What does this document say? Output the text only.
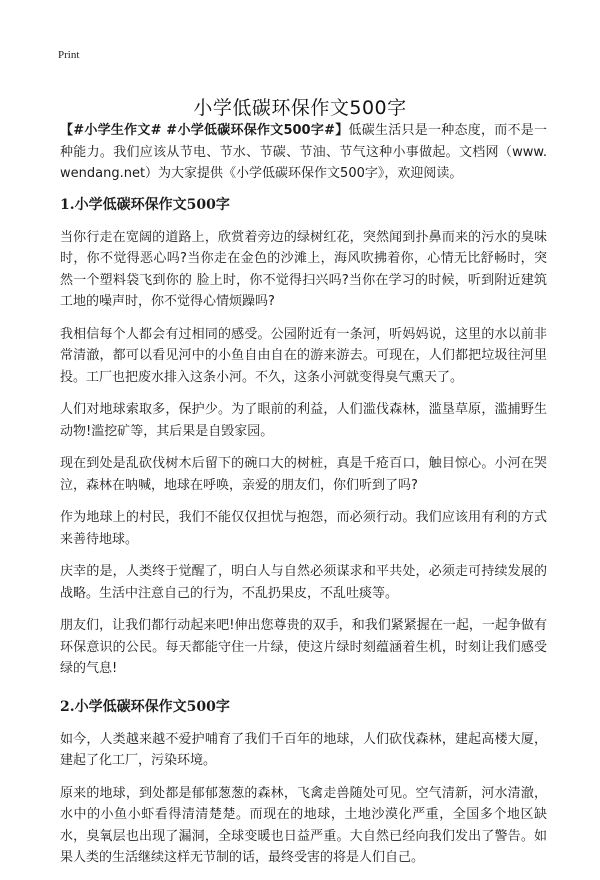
Print
小学低碳环保作文500字

【#小学生作文# #小学低碳环保作文500字#】低碳生活只是一种态度，而不是一种能力。我们应该从节电、节水、节碳、节油、节气这种小事做起。文档网（www.wendang.net）为大家提供《小学低碳环保作文500字》，欢迎阅读。

1.小学低碳环保作文500字

当你行走在宽阔的道路上，欣赏着旁边的绿树红花，突然闻到扑鼻而来的污水的臭味时，你不觉得恶心吗?当你走在金色的沙滩上，海风吹拂着你，心情无比舒畅时，突然一个塑料袋飞到你的 脸上时，你不觉得扫兴吗?当你在学习的时候，听到附近建筑工地的噪声时，你不觉得心情烦躁吗?

我相信每个人都会有过相同的感受。公园附近有一条河，听妈妈说，这里的水以前非常清澈，都可以看见河中的小鱼自由自在的游来游去。可现在，人们都把垃圾往河里投。工厂也把废水排入这条小河。不久，这条小河就变得臭气熏天了。

人们对地球索取多，保护少。为了眼前的利益，人们滥伐森林，滥垦草原，滥捕野生动物!滥挖矿等，其后果是自毁家园。

现在到处是乱砍伐树木后留下的碗口大的树桩，真是千疮百口，触目惊心。小河在哭泣，森林在呐喊，地球在呼唤，亲爱的朋友们，你们听到了吗?

作为地球上的村民，我们不能仅仅担忧与抱怨，而必须行动。我们应该用有利的方式来善待地球。

庆幸的是，人类终于觉醒了，明白人与自然必须谋求和平共处，必须走可持续发展的战略。生活中注意自己的行为，不乱扔果皮，不乱吐痰等。

朋友们，让我们都行动起来吧!伸出您尊贵的双手，和我们紧紧握在一起，一起争做有环保意识的公民。每天都能守住一片绿，使这片绿时刻蕴涵着生机，时刻让我们感受绿的气息!

2.小学低碳环保作文500字

如今，人类越来越不爱护哺育了我们千百年的地球，人们砍伐森林，建起高楼大厦，建起了化工厂，污染环境。

原来的地球，到处都是郁郁葱葱的森林，飞禽走兽随处可见。空气清新，河水清澈，水中的小鱼小虾看得清清楚楚。而现在的地球，土地沙漠化严重，全国多个地区缺水，臭氧层也出现了漏洞，全球变暖也日益严重。大自然已经向我们发出了警告。如果人类的生活继续这样无节制的话，最终受害的将是人们自己。
